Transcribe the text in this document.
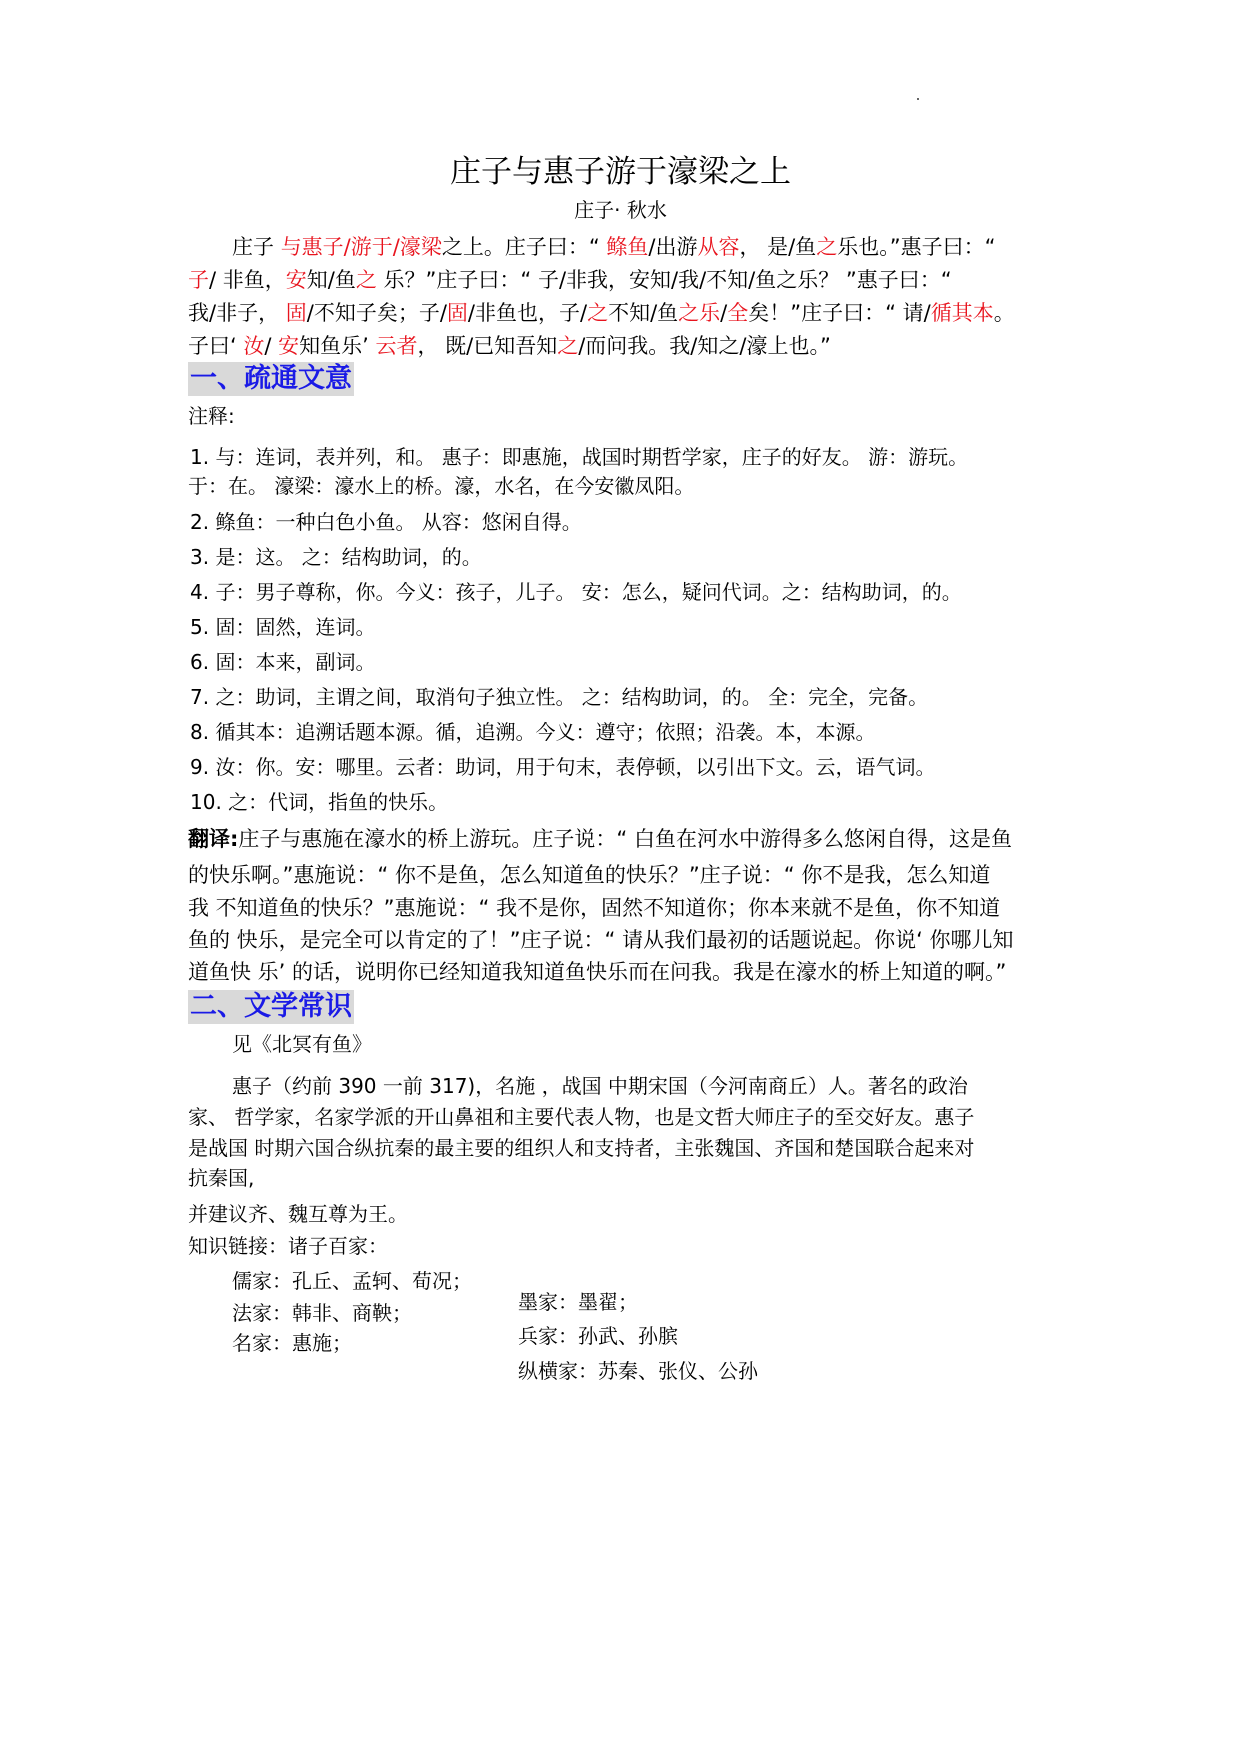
庄子与惠子游于濠梁之上
庄子· 秋水
庄子 与惠子/游于/濠梁之上。庄子曰：“ 鲦鱼/出游从容， 是/鱼之乐也。”惠子曰：“
子/ 非鱼，安知/鱼之 乐？”庄子曰：“ 子/非我，安知/我/不知/鱼之乐？ ”惠子曰：“
我/非子， 固/不知子矣；子/固/非鱼也，子/之不知/鱼之乐/全矣！”庄子曰：“ 请/循其本。
子曰‘ 汝/ 安知鱼乐’ 云者， 既/已知吾知之/而问我。我/知之/濠上也。”
一、疏通文意
注释:
1. 与：连词，表并列，和。 惠子：即惠施，战国时期哲学家，庄子的好友。 游：游玩。
于：在。 濠梁：濠水上的桥。濠，水名，在今安徽凤阳。
2. 鲦鱼：一种白色小鱼。 从容：悠闲自得。
3. 是：这。 之：结构助词，的。
4. 子：男子尊称，你。今义：孩子，儿子。 安：怎么，疑问代词。之：结构助词，的。
5. 固：固然，连词。
6. 固：本来，副词。
7. 之：助词，主谓之间，取消句子独立性。 之：结构助词，的。 全：完全，完备。
8. 循其本：追溯话题本源。循，追溯。今义：遵守；依照；沿袭。本，本源。
9. 汝：你。安：哪里。云者：助词，用于句末，表停顿，以引出下文。云，语气词。
10. 之：代词，指鱼的快乐。
翻译:庄子与惠施在濠水的桥上游玩。庄子说：“ 白鱼在河水中游得多么悠闲自得，这是鱼
的快乐啊。”惠施说：“ 你不是鱼，怎么知道鱼的快乐？”庄子说：“ 你不是我，怎么知道
我 不知道鱼的快乐？”惠施说：“ 我不是你，固然不知道你；你本来就不是鱼，你不知道
鱼的 快乐，是完全可以肯定的了！”庄子说：“ 请从我们最初的话题说起。你说‘ 你哪儿知
道鱼快 乐’ 的话，说明你已经知道我知道鱼快乐而在问我。我是在濠水的桥上知道的啊。”
二、文学常识
见《北冥有鱼》
惠子（约前 390 一前 317)，名施 ，战国 中期宋国（今河南商丘）人。著名的政治
家、 哲学家，名家学派的开山鼻祖和主要代表人物，也是文哲大师庄子的至交好友。惠子
是战国 时期六国合纵抗秦的最主要的组织人和支持者，主张魏国、齐国和楚国联合起来对
抗秦国,
并建议齐、魏互尊为王。
知识链接：诸子百家：
儒家：孔丘、孟轲、荀况；
法家：韩非、商鞅；
名家：惠施；
墨家：墨翟；
兵家：孙武、孙膑
纵横家：苏秦、张仪、公孙
